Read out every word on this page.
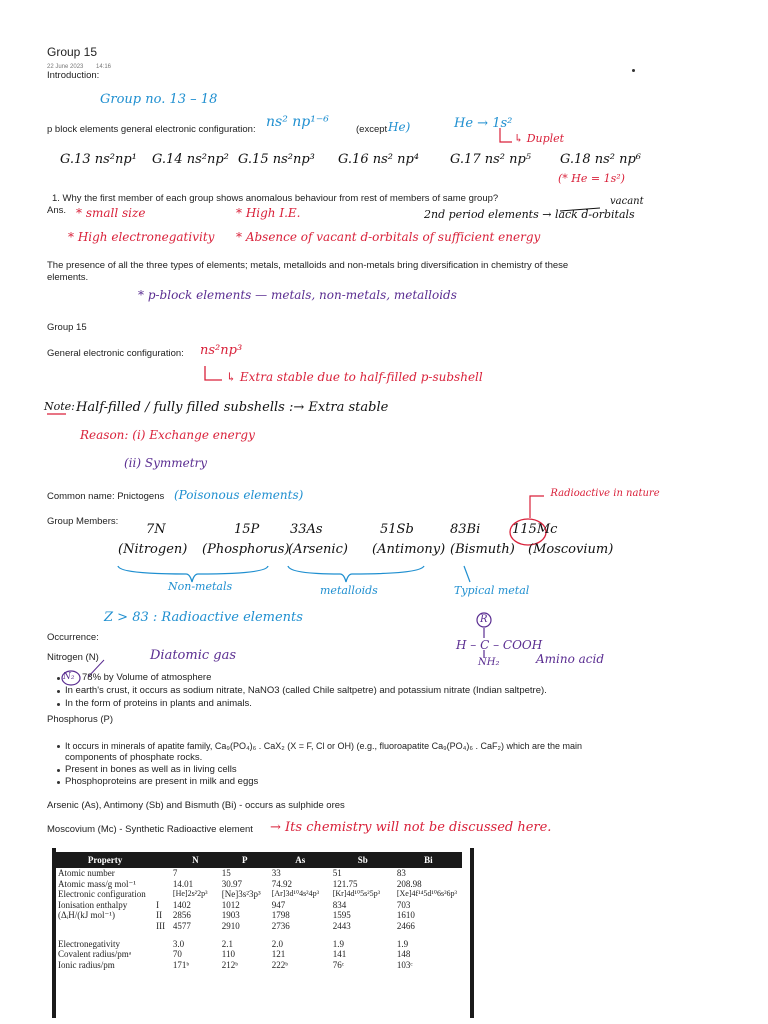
Group 15
22 June 2023 14:16
Introduction:
Group no. 13 – 18
p block elements general electronic configuration: ns² np¹⁻⁶	(except He)	He → 1s²
↳ Duplet
G.13 ns²np¹ G.14 ns²np² G.15 ns²np³ G.16 ns² np⁴ G.17 ns² np⁵ G.18 ns² np⁶
(* He = 1s²)
1. Why the first member of each group shows anomalous behaviour from rest of members of same group?
Ans. * small size	* High I.E.	2nd period elements → lack d-orbitals
vacant
* High electronegativity * Absence of vacant d-orbitals of sufficient energy
The presence of all the three types of elements; metals, metalloids and non-metals bring diversification in chemistry of these
elements.
* p-block elements — metals, non-metals, metalloids
Group 15
General electronic configuration: ns²np³
↳ Extra stable due to half-filled p-subshell
Note: Half-filled / fully filled subshells :→ Extra stable
Reason: (i) Exchange energy
(ii) Symmetry
Common name: Pnictogens (Poisonous elements)	Radioactive in nature
Group Members:
7N	15P 33As	51Sb	83Bi 115Mc
(Nitrogen) (Phosphorus)
(Arsenic) (Antimony) (Bismuth) (Moscovium)
Non-metals	metalloids	Typical metal
Z > 83 : Radioactive elements
Occurrence:
R
H – C – COOH
NH₂	Amino acid
Nitrogen (N)	Diatomic gas
N₂ 78% by Volume of atmosphere
In earth's crust, it occurs as sodium nitrate, NaNO3 (called Chile saltpetre) and potassium nitrate (Indian saltpetre).
In the form of proteins in plants and animals.
Phosphorus (P)
It occurs in minerals of apatite family, Ca₉(PO₄)₆ . CaX₂ (X = F, Cl or OH) (e.g., fluoroapatite Ca₉(PO₄)₆ . CaF₂) which are the main
components of phosphate rocks.
Present in bones as well as in living cells
Phosphoproteins are present in milk and eggs
Arsenic (As), Antimony (Sb) and Bismuth (Bi) - occurs as sulphide ores
Moscovium (Mc) - Synthetic Radioactive element → Its chemistry will not be discussed here.
Property		N	P	As	Sb	Bi
Atomic number		7	15	33	51	83
Atomic mass/g mol⁻¹		14.01	30.97	74.92	121.75	208.98
Electronic configuration		[He]2s²2p³	[Ne]3s²3p³	[Ar]3d¹⁰4s²4p³	[Kr]4d¹⁰5s²5p³	[Xe]4f¹⁴5d¹⁰6s²6p³
Ionisation enthalpy	I	1402	1012	947	834	703
(ΔᵢH/(kJ mol⁻¹)	II	2856	1903	1798	1595	1610
	III	4577	2910	2736	2443	2466
Electronegativity		3.0	2.1	2.0	1.9	1.9
Covalent radius/pmᵃ		70	110	121	141	148
Ionic radius/pm		171ᵇ	212ᵇ	222ᵇ	76ᶜ	103ᶜ
